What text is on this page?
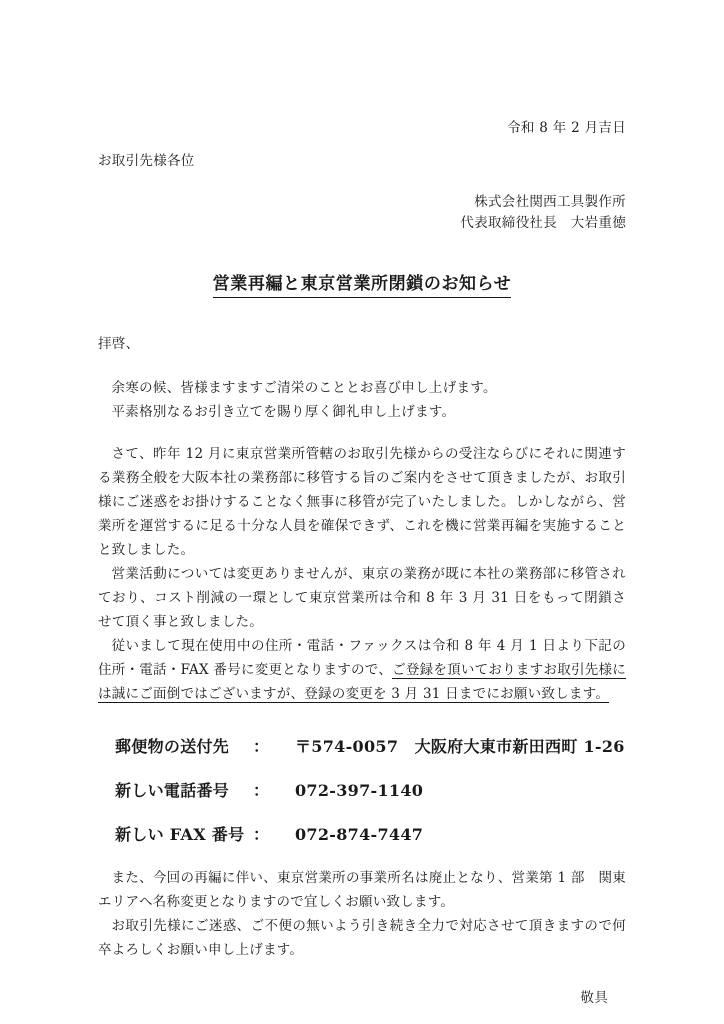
令和 8 年 2 月吉日
お取引先様各位
株式会社関西工具製作所
代表取締役社長　大岩重徳
営業再編と東京営業所閉鎖のお知らせ
拝啓、
余寒の候、皆様ますますご清栄のこととお喜び申し上げます。
平素格別なるお引き立てを賜り厚く御礼申し上げます。
さて、昨年 12 月に東京営業所管轄のお取引先様からの受注ならびにそれに関連する業務全般を大阪本社の業務部に移管する旨のご案内をさせて頂きましたが、お取引様にご迷惑をお掛けすることなく無事に移管が完了いたしました。しかしながら、営業所を運営するに足る十分な人員を確保できず、これを機に営業再編を実施することと致しました。
営業活動については変更ありませんが、東京の業務が既に本社の業務部に移管されており、コスト削減の一環として東京営業所は令和 8 年 3 月 31 日をもって閉鎖させて頂く事と致しました。
従いまして現在使用中の住所・電話・ファックスは令和 8 年 4 月 1 日より下記の住所・電話・FAX 番号に変更となりますので、ご登録を頂いておりますお取引先様には誠にご面倒ではございますが、登録の変更を 3 月 31 日までにお願い致します。
郵便物の送付先	：	〒574-0057　大阪府大東市新田西町 1-26
新しい電話番号	：	072-397-1140
新しい FAX 番号 ：	072-874-7447
また、今回の再編に伴い、東京営業所の事業所名は廃止となり、営業第 1 部　関東エリアへ名称変更となりますので宜しくお願い致します。
お取引先様にご迷惑、ご不便の無いよう引き続き全力で対応させて頂きますので何卒よろしくお願い申し上げます。
敬具
